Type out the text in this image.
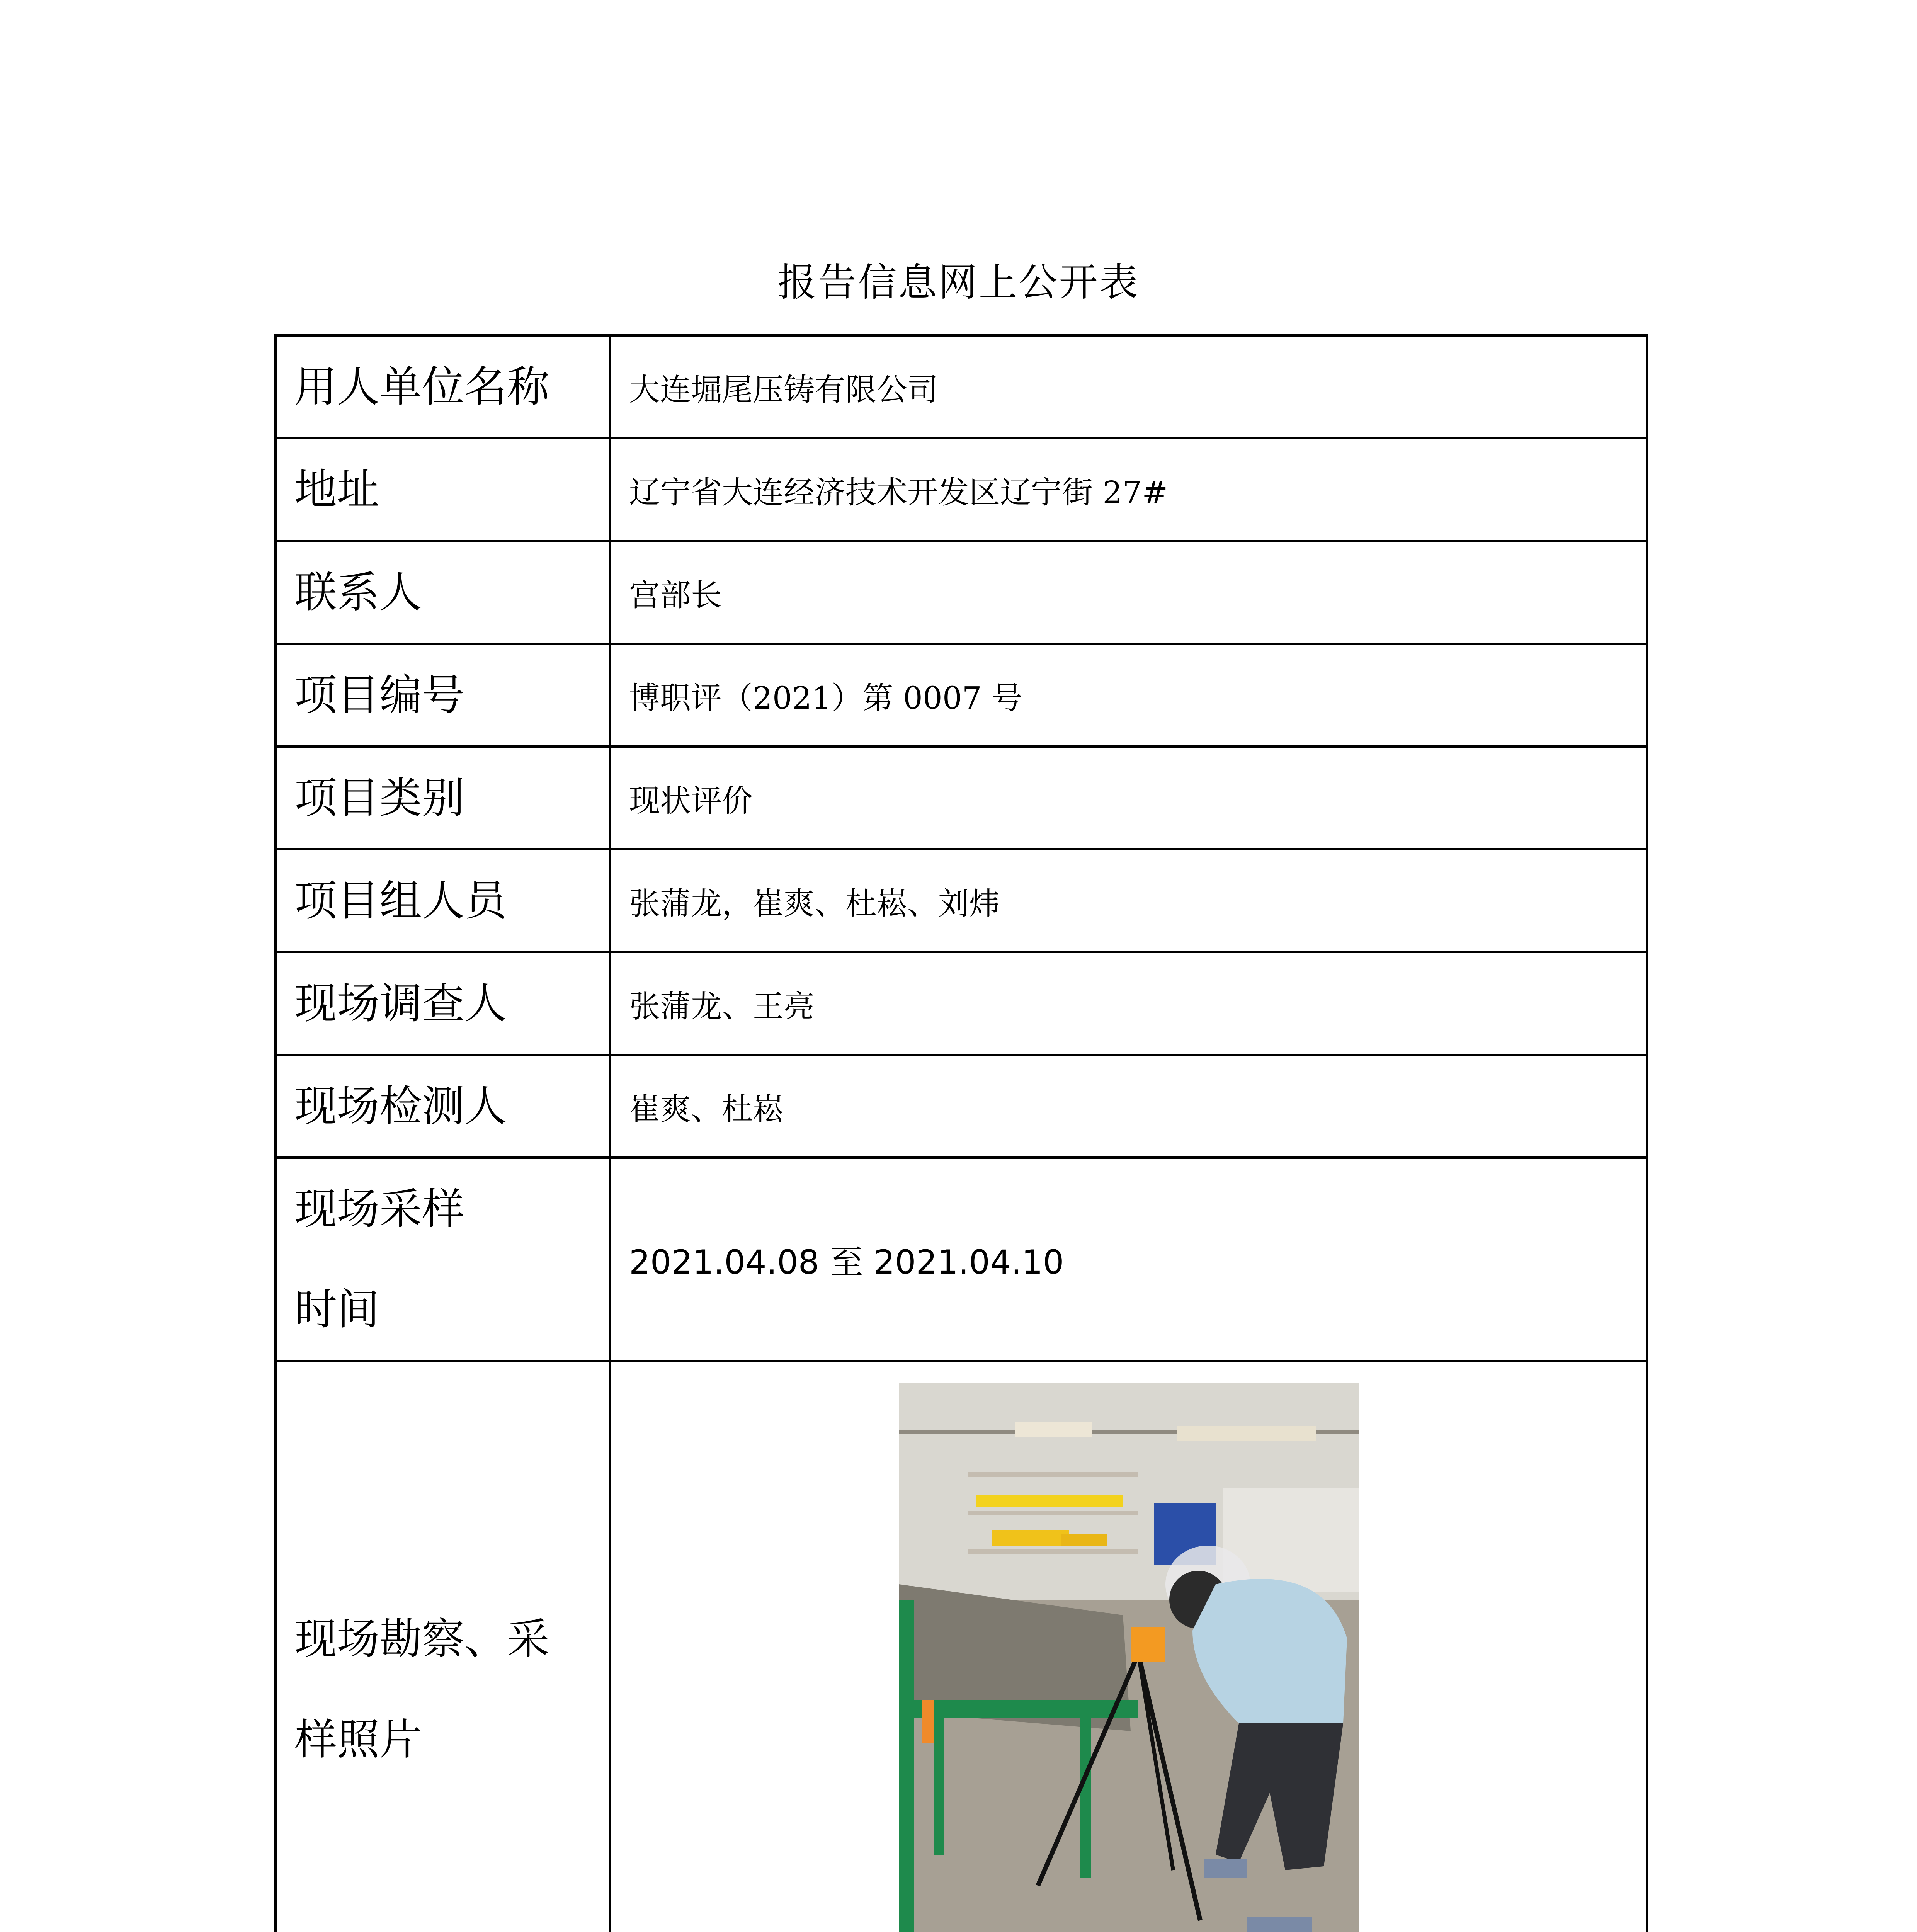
报告信息网上公开表
用人单位名称	大连堀尾压铸有限公司
地址	辽宁省大连经济技术开发区辽宁街 27#
联系人	宫部长
项目编号	博职评（2021）第 0007 号
项目类别	现状评价
项目组人员	张蒲龙，崔爽、杜崧、刘炜
现场调查人	张蒲龙、王亮
现场检测人	崔爽、杜崧

现场采样
时间	2021.04.08 至 2021.04.10

现场勘察、采
样照片
